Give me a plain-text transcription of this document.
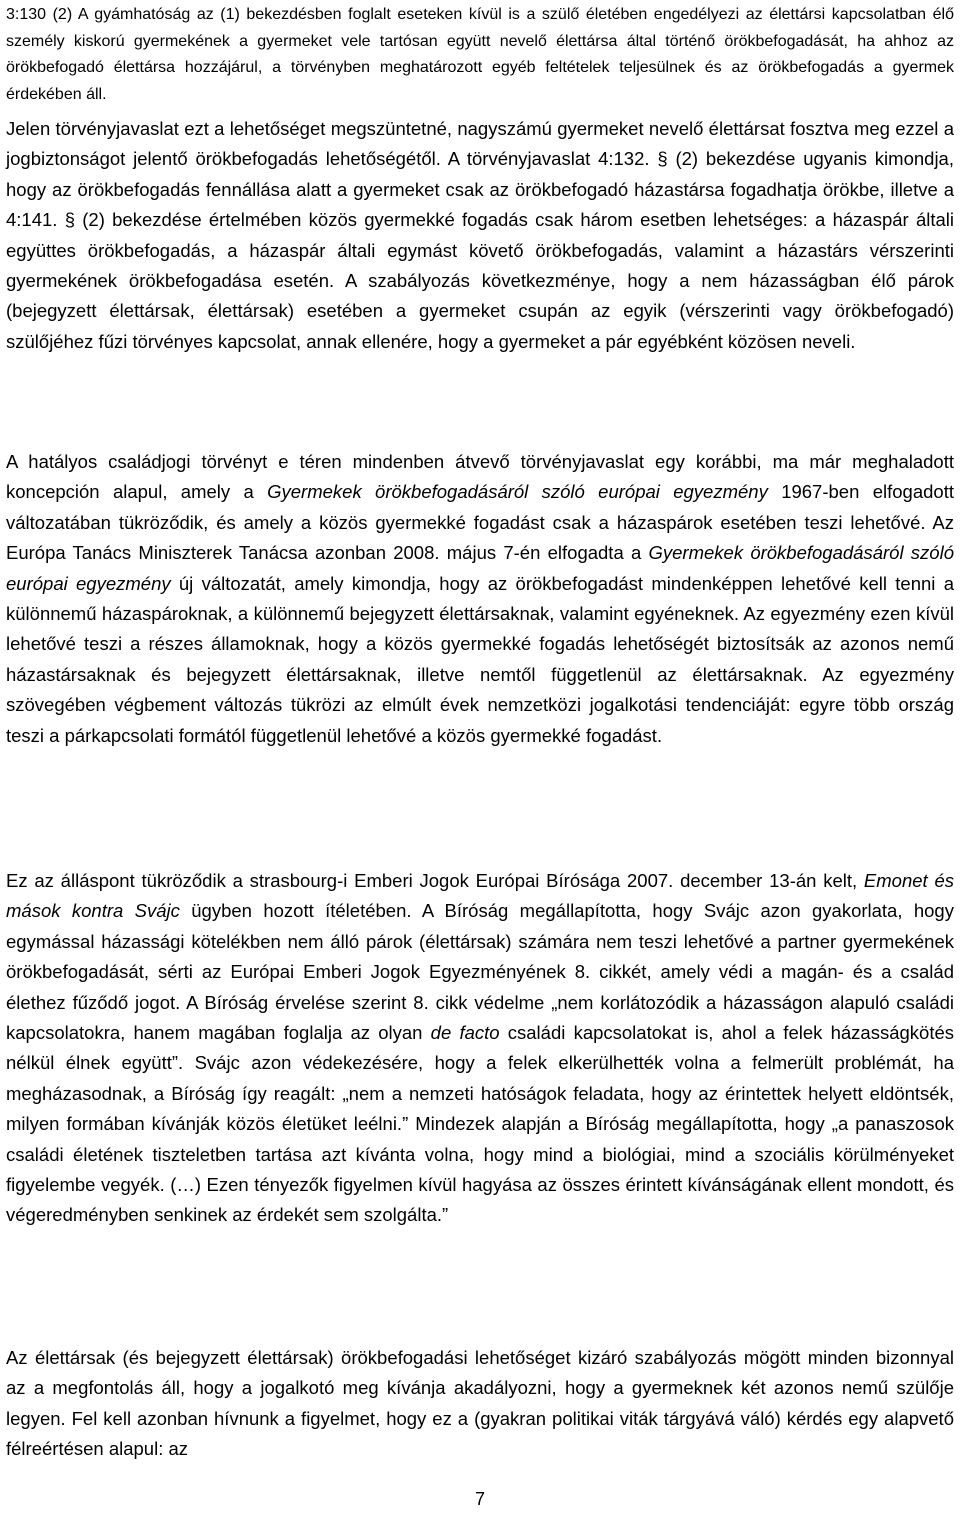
3:130 (2) A gyámhatóság az (1) bekezdésben foglalt eseteken kívül is a szülő életében engedélyezi az élettársi kapcsolatban élő személy kiskorú gyermekének a gyermeket vele tartósan együtt nevelő élettársa által történő örökbefogadását, ha ahhoz az örökbefogadó élettársa hozzájárul, a törvényben meghatározott egyéb feltételek teljesülnek és az örökbefogadás a gyermek érdekében áll.

Jelen törvényjavaslat ezt a lehetőséget megszüntetné, nagyszámú gyermeket nevelő élettársat fosztva meg ezzel a jogbiztonságot jelentő örökbefogadás lehetőségétől. A törvényjavaslat 4:132. § (2) bekezdése ugyanis kimondja, hogy az örökbefogadás fennállása alatt a gyermeket csak az örökbefogadó házastársa fogadhatja örökbe, illetve a 4:141. § (2) bekezdése értelmében közös gyermekké fogadás csak három esetben lehetséges: a házaspár általi együttes örökbefogadás, a házaspár általi egymást követő örökbefogadás, valamint a házastárs vérszerinti gyermekének örökbefogadása esetén. A szabályozás következménye, hogy a nem házasságban élő párok (bejegyzett élettársak, élettársak) esetében a gyermeket csupán az egyik (vérszerinti vagy örökbefogadó) szülőjéhez fűzi törvényes kapcsolat, annak ellenére, hogy a gyermeket a pár egyébként közösen neveli.

A hatályos családjogi törvényt e téren mindenben átvevő törvényjavaslat egy korábbi, ma már meghaladott koncepción alapul, amely a Gyermekek örökbefogadásáról szóló európai egyezmény 1967-ben elfogadott változatában tükröződik, és amely a közös gyermekké fogadást csak a házaspárok esetében teszi lehetővé. Az Európa Tanács Miniszterek Tanácsa azonban 2008. május 7-én elfogadta a Gyermekek örökbefogadásáról szóló európai egyezmény új változatát, amely kimondja, hogy az örökbefogadást mindenképpen lehetővé kell tenni a különnemű házaspároknak, a különnemű bejegyzett élettársaknak, valamint egyéneknek. Az egyezmény ezen kívül lehetővé teszi a részes államoknak, hogy a közös gyermekké fogadás lehetőségét biztosítsák az azonos nemű házastársaknak és bejegyzett élettársaknak, illetve nemtől függetlenül az élettársaknak. Az egyezmény szövegében végbement változás tükrözi az elmúlt évek nemzetközi jogalkotási tendenciáját: egyre több ország teszi a párkapcsolati formától függetlenül lehetővé a közös gyermekké fogadást.

Ez az álláspont tükröződik a strasbourg-i Emberi Jogok Európai Bírósága 2007. december 13-án kelt, Emonet és mások kontra Svájc ügyben hozott ítéletében. A Bíróság megállapította, hogy Svájc azon gyakorlata, hogy egymással házassági kötelékben nem álló párok (élettársak) számára nem teszi lehetővé a partner gyermekének örökbefogadását, sérti az Európai Emberi Jogok Egyezményének 8. cikkét, amely védi a magán- és a család élethez fűződő jogot. A Bíróság érvelése szerint 8. cikk védelme „nem korlátozódik a házasságon alapuló családi kapcsolatokra, hanem magában foglalja az olyan de facto családi kapcsolatokat is, ahol a felek házasságkötés nélkül élnek együtt”. Svájc azon védekezésére, hogy a felek elkerülhették volna a felmerült problémát, ha megházasodnak, a Bíróság így reagált: „nem a nemzeti hatóságok feladata, hogy az érintettek helyett eldöntsék, milyen formában kívánják közös életüket leélni.” Mindezek alapján a Bíróság megállapította, hogy „a panaszosok családi életének tiszteletben tartása azt kívánta volna, hogy mind a biológiai, mind a szociális körülményeket figyelembe vegyék. (…) Ezen tényezők figyelmen kívül hagyása az összes érintett kívánságának ellent mondott, és végeredményben senkinek az érdekét sem szolgálta.”

Az élettársak (és bejegyzett élettársak) örökbefogadási lehetőséget kizáró szabályozás mögött minden bizonnyal az a megfontolás áll, hogy a jogalkotó meg kívánja akadályozni, hogy a gyermeknek két azonos nemű szülője legyen. Fel kell azonban hívnunk a figyelmet, hogy ez a (gyakran politikai viták tárgyává váló) kérdés egy alapvető félreértésen alapul: az

7
